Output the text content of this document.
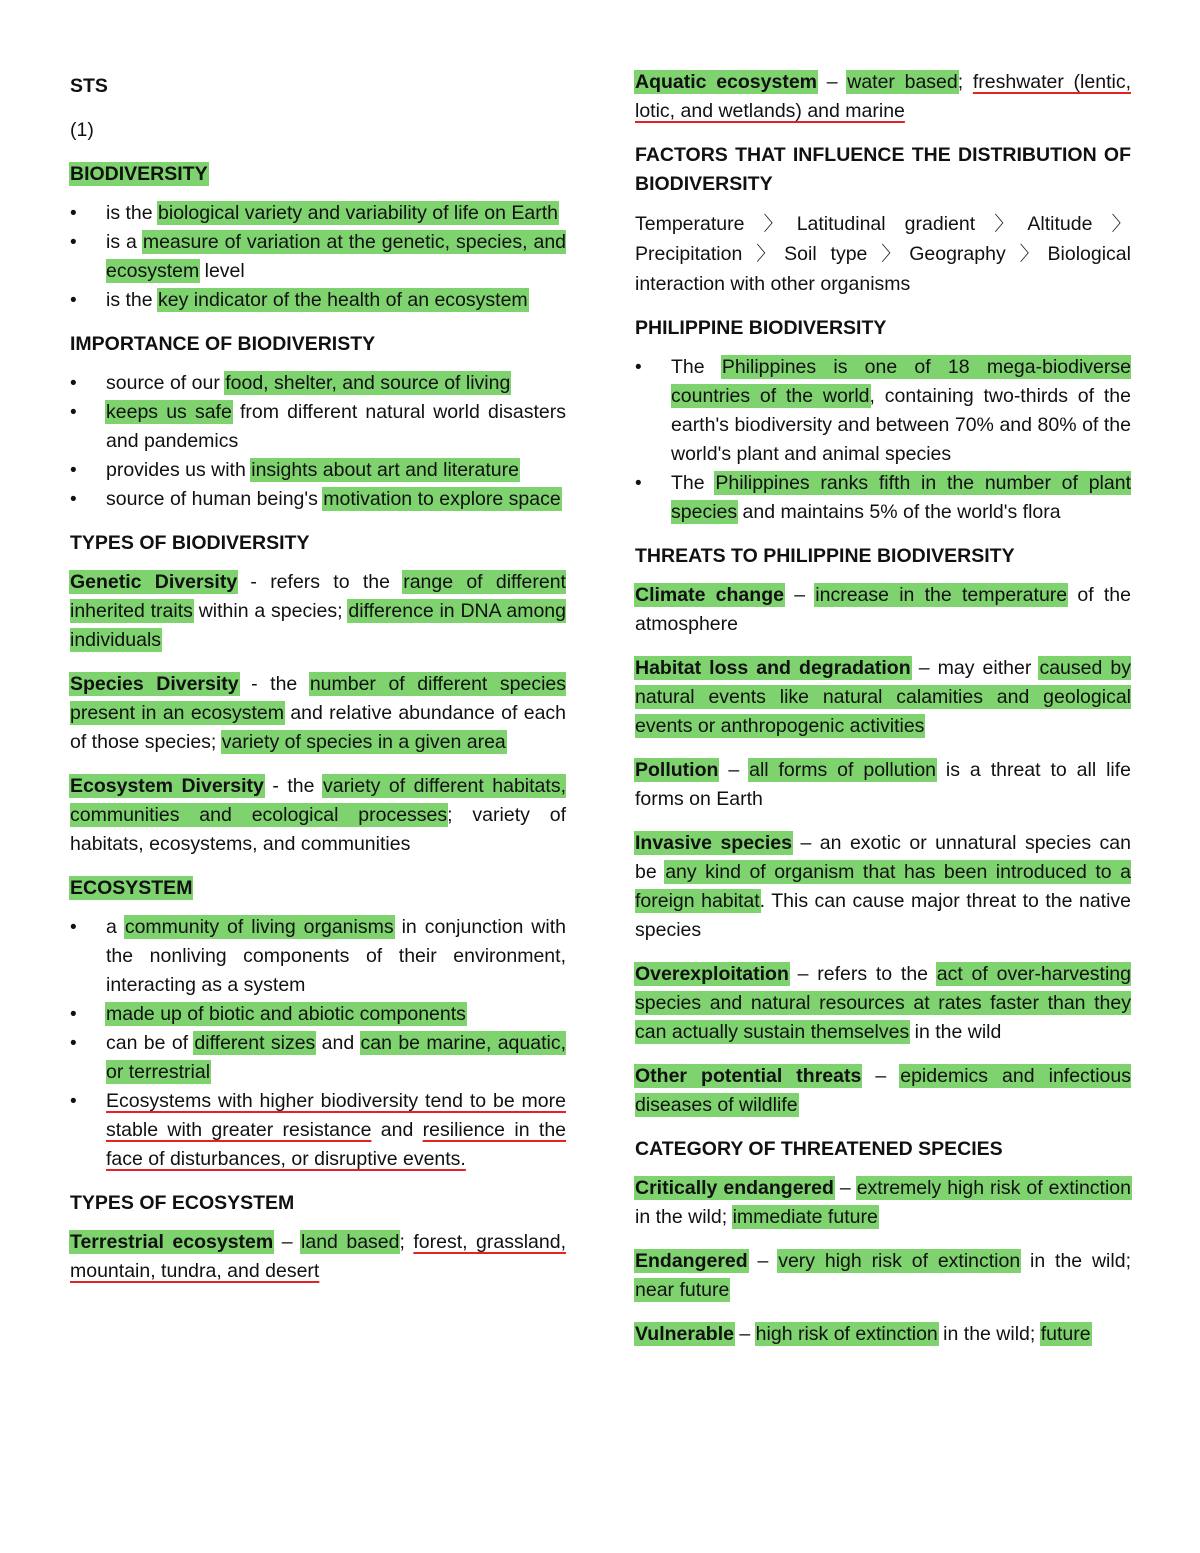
STS

(1)

BIODIVERSITY

• is the biological variety and variability of life on Earth
• is a measure of variation at the genetic, species, and ecosystem level
• is the key indicator of the health of an ecosystem

IMPORTANCE OF BIODIVERISTY

• source of our food, shelter, and source of living
• keeps us safe from different natural world disasters and pandemics
• provides us with insights about art and literature
• source of human being's motivation to explore space

TYPES OF BIODIVERSITY

Genetic Diversity - refers to the range of different inherited traits within a species; difference in DNA among individuals

Species Diversity - the number of different species present in an ecosystem and relative abundance of each of those species; variety of species in a given area

Ecosystem Diversity - the variety of different habitats, communities and ecological processes; variety of habitats, ecosystems, and communities

ECOSYSTEM

• a community of living organisms in conjunction with the nonliving components of their environment, interacting as a system
• made up of biotic and abiotic components
• can be of different sizes and can be marine, aquatic, or terrestrial
• Ecosystems with higher biodiversity tend to be more stable with greater resistance and resilience in the face of disturbances, or disruptive events.

TYPES OF ECOSYSTEM

Terrestrial ecosystem – land based; forest, grassland, mountain, tundra, and desert

Aquatic ecosystem – water based; freshwater (lentic, lotic, and wetlands) and marine

FACTORS THAT INFLUENCE THE DISTRIBUTION OF BIODIVERSITY

Temperature 〉Latitudinal gradient 〉Altitude 〉Precipitation 〉Soil type 〉Geography 〉Biological interaction with other organisms

PHILIPPINE BIODIVERSITY

• The Philippines is one of 18 mega-biodiverse countries of the world, containing two-thirds of the earth's biodiversity and between 70% and 80% of the world's plant and animal species
• The Philippines ranks fifth in the number of plant species and maintains 5% of the world's flora

THREATS TO PHILIPPINE BIODIVERSITY

Climate change – increase in the temperature of the atmosphere

Habitat loss and degradation – may either caused by natural events like natural calamities and geological events or anthropogenic activities

Pollution – all forms of pollution is a threat to all life forms on Earth

Invasive species – an exotic or unnatural species can be any kind of organism that has been introduced to a foreign habitat. This can cause major threat to the native species

Overexploitation – refers to the act of over-harvesting species and natural resources at rates faster than they can actually sustain themselves in the wild

Other potential threats – epidemics and infectious diseases of wildlife

CATEGORY OF THREATENED SPECIES

Critically endangered – extremely high risk of extinction in the wild; immediate future

Endangered – very high risk of extinction in the wild; near future

Vulnerable – high risk of extinction in the wild; future
